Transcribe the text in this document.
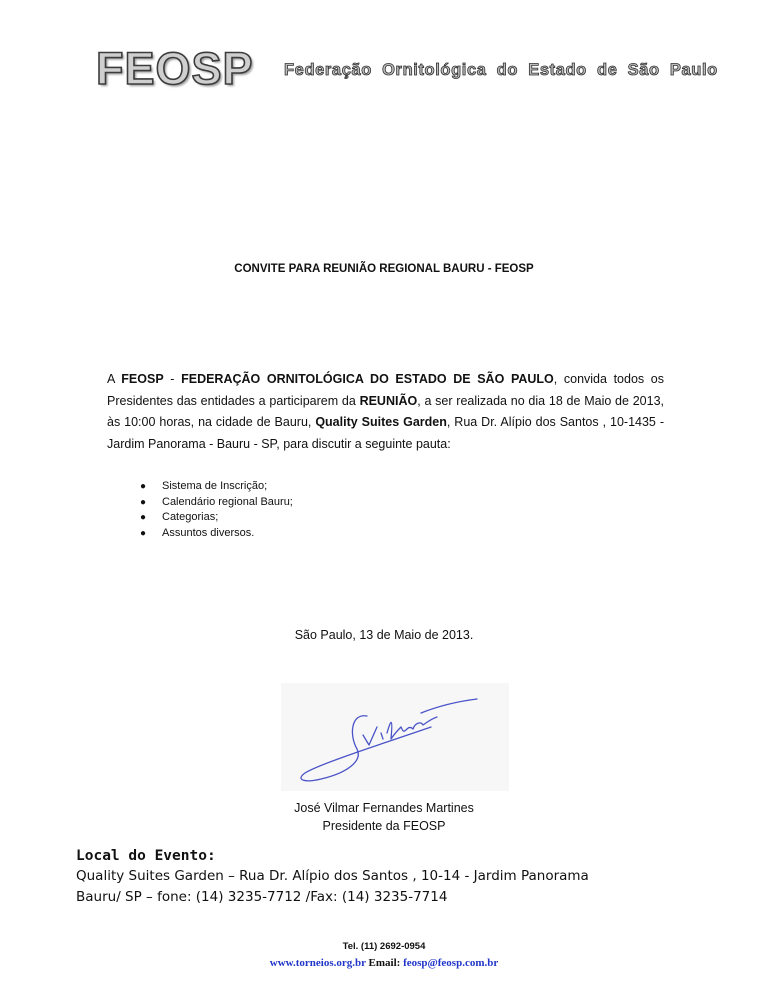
FEOSP Federação Ornitológica do Estado de São Paulo
CONVITE PARA REUNIÃO REGIONAL BAURU - FEOSP
A FEOSP - FEDERAÇÃO ORNITOLÓGICA DO ESTADO DE SÃO PAULO, convida todos os Presidentes das entidades a participarem da REUNIÃO, a ser realizada no dia 18 de Maio de 2013, às 10:00 horas, na cidade de Bauru, Quality Suites Garden, Rua Dr. Alípio dos Santos , 10-1435 - Jardim Panorama - Bauru - SP, para discutir a seguinte pauta:
● Sistema de Inscrição;
● Calendário regional Bauru;
● Categorias;
● Assuntos diversos.
São Paulo, 13 de Maio de 2013.
José Vilmar Fernandes Martines
Presidente da FEOSP
Local do Evento:
Quality Suites Garden – Rua Dr. Alípio dos Santos , 10-14 - Jardim Panorama
Bauru/ SP – fone: (14) 3235-7712 /Fax: (14) 3235-7714
Tel. (11) 2692-0954
www.torneios.org.br Email: feosp@feosp.com.br
